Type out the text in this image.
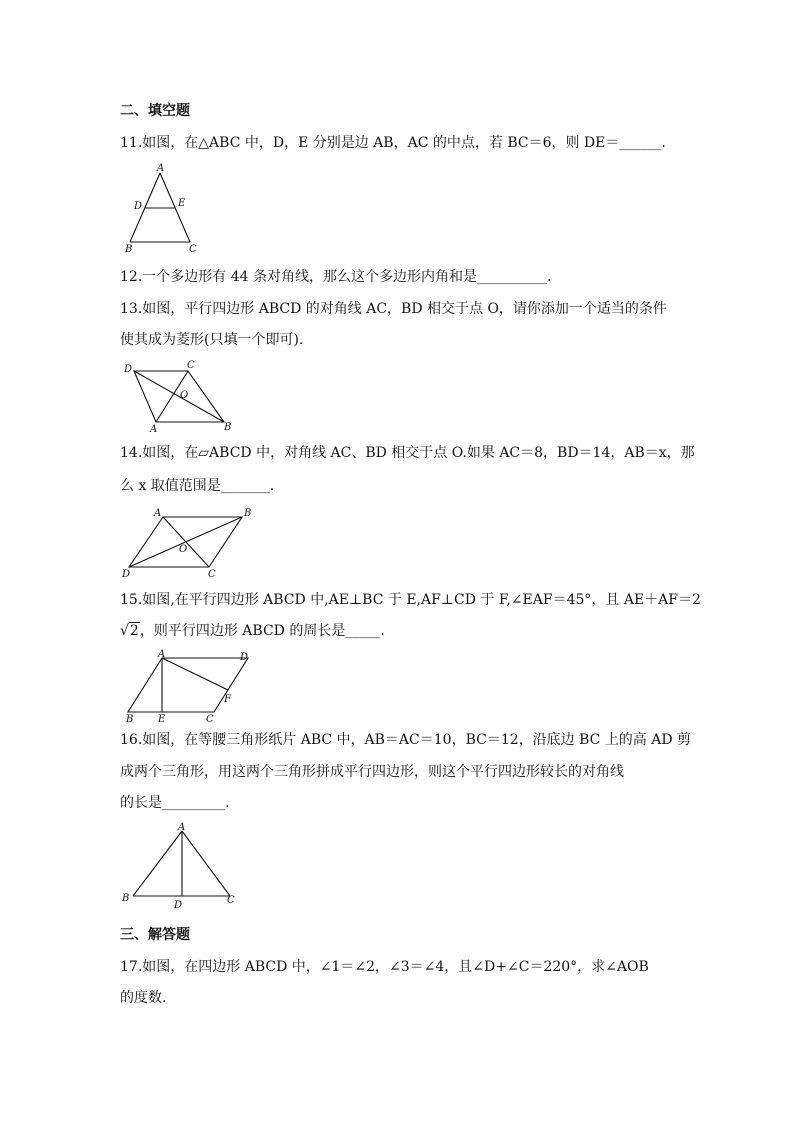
二、填空题
11.如图，在△ABC 中，D，E 分别是边 AB，AC 的中点，若 BC＝6，则 DE＝______.
A
D	E
B	C
12.一个多边形有 44 条对角线，那么这个多边形内角和是__________.
13.如图，平行四边形 ABCD 的对角线 AC，BD 相交于点 O，请你添加一个适当的条件
使其成为菱形(只填一个即可).
D	C
O
A	B
14.如图，在▱ABCD 中，对角线 AC、BD 相交于点 O.如果 AC＝8，BD＝14，AB＝x，那
么 x 取值范围是_______.
A	B
O
D	C
15.如图,在平行四边形 ABCD 中,AE⊥BC 于 E,AF⊥CD 于 F,∠EAF＝45°，且 AE＋AF＝2
√2，则平行四边形 ABCD 的周长是_____.
A	D
F
B E	C
16.如图，在等腰三角形纸片 ABC 中，AB＝AC＝10，BC＝12，沿底边 BC 上的高 AD 剪
成两个三角形，用这两个三角形拼成平行四边形，则这个平行四边形较长的对角线
的长是_________.
A
B
D	C
三、解答题
17.如图，在四边形 ABCD 中，∠1＝∠2，∠3＝∠4，且∠D+∠C＝220°，求∠AOB
的度数.
